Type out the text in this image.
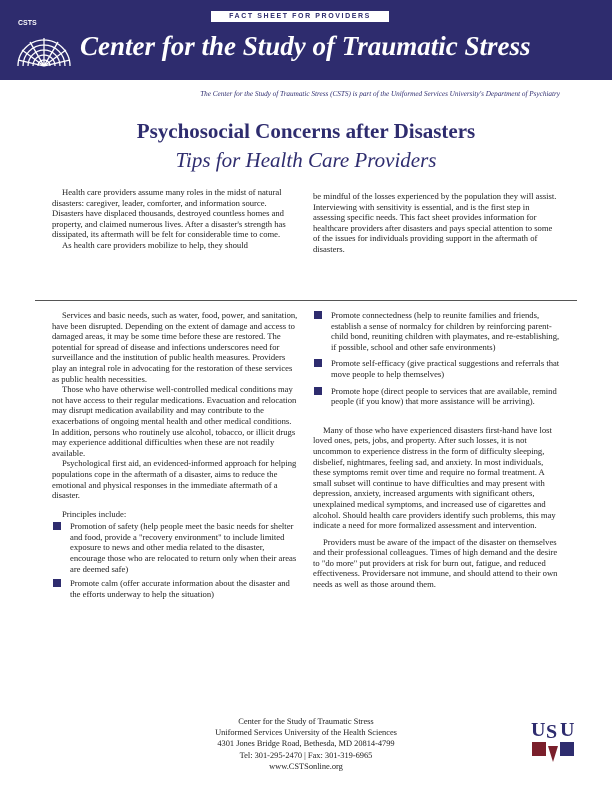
FACT SHEET FOR PROVIDERS
CSTS
Center for the Study of Traumatic Stress
The Center for the Study of Traumatic Stress (CSTS) is part of the Uniformed Services University's Department of Psychiatry
Psychosocial Concerns after Disasters
Tips for Health Care Providers

Health care providers assume many roles in the midst of natural disasters: caregiver, leader, comforter, and information source. Disasters have displaced thousands, destroyed countless homes and property, and claimed numerous lives. After a disaster's strength has dissipated, its aftermath will be felt for considerable time to come.

As health care providers mobilize to help, they should

be mindful of the losses experienced by the population they will assist. Interviewing with sensitivity is essential, and is the first step in assessing specific needs. This fact sheet provides information for healthcare providers after disasters and pays special attention to some of the issues for individuals providing support in the aftermath of disasters.

Services and basic needs, such as water, food, power, and sanitation, have been disrupted. Depending on the extent of damage and access to damaged areas, it may be some time before these are restored. The potential for spread of disease and infections underscores need for surveillance and the institution of public health measures. Providers play an integral role in advocating for the restoration of these services as public health necessities.

Those who have otherwise well-controlled medical conditions may not have access to their regular medications. Evacuation and relocation may disrupt medication availability and may contribute to the exacerbations of ongoing mental health and other medical conditions. In addition, persons who routinely use alcohol, tobacco, or illicit drugs may experience additional difficulties when these are not readily available.

Psychological first aid, an evidenced-informed approach for helping populations cope in the aftermath of a disaster, aims to reduce the emotional and physical responses in the immediate aftermath of a disaster.

Principles include:

Promotion of safety (help people meet the basic needs for shelter and food, provide a "recovery environment" to include limited exposure to news and other media related to the disaster, encourage those who are relocated to return only when their areas are deemed safe)
Promote calm (offer accurate information about the disaster and the efforts underway to help the situation)
Promote connectedness (help to reunite families and friends, establish a sense of normalcy for children by reinforcing parent-child bond, reuniting children with playmates, and re-establishing, if possible, school and other safe environments)
Promote self-efficacy (give practical suggestions and referrals that move people to help themselves)
Promote hope (direct people to services that are available, remind people (if you know) that more assistance will be arriving).

Many of those who have experienced disasters first-hand have lost loved ones, pets, jobs, and property. After such losses, it is not uncommon to experience distress in the form of difficulty sleeping, disbelief, nightmares, feeling sad, and anxiety. In most individuals, these symptoms remit over time and require no formal treatment. A small subset will continue to have difficulties and may present with depression, anxiety, increased arguments with significant others, unexplained medical symptoms, and increased use of cigarettes and alcohol. Should health care providers identify such problems, this may indicate a need for more formalized assessment and intervention.

Providers must be aware of the impact of the disaster on themselves and their professional colleagues. Times of high demand and the desire to "do more" put providers at risk for burn out, fatigue, and reduced effectiveness. Providersare not immune, and should attend to their own needs as well as those around them.

Center for the Study of Traumatic Stress
Uniformed Services University of the Health Sciences
4301 Jones Bridge Road, Bethesda, MD 20814-4799
Tel: 301-295-2470 | Fax: 301-319-6965
www.CSTSonline.org
U S U
